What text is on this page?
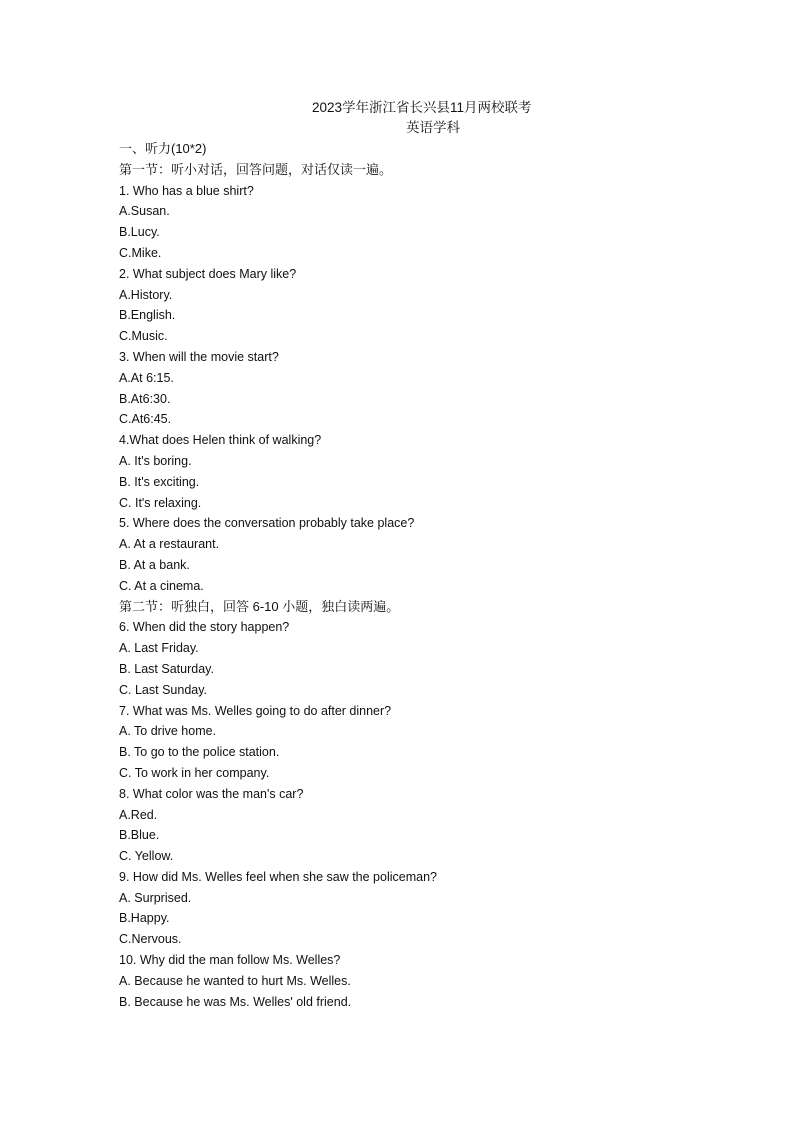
2023学年浙江省长兴县11月两校联考
英语学科
一、听力(10*2)
第一节：听小对话，回答问题，对话仅读一遍。
1. Who has a blue shirt?
A.Susan.
B.Lucy.
C.Mike.
2. What subject does Mary like?
A.History.
B.English.
C.Music.
3. When will the movie start?
A.At 6:15.
B.At6:30.
C.At6:45.
4.What does Helen think of walking?
A. It's boring.
B. It's exciting.
C. It's relaxing.
5. Where does the conversation probably take place?
A. At a restaurant.
B. At a bank.
C. At a cinema.
第二节：听独白，回答 6-10 小题，独白读两遍。
6. When did the story happen?
A. Last Friday.
B. Last Saturday.
C. Last Sunday.
7. What was Ms. Welles going to do after dinner?
A. To drive home.
B. To go to the police station.
C. To work in her company.
8. What color was the man's car?
A.Red.
B.Blue.
C. Yellow.
9. How did Ms. Welles feel when she saw the policeman?
A. Surprised.
B.Happy.
C.Nervous.
10. Why did the man follow Ms. Welles?
A. Because he wanted to hurt Ms. Welles.
B. Because he was Ms. Welles' old friend.
